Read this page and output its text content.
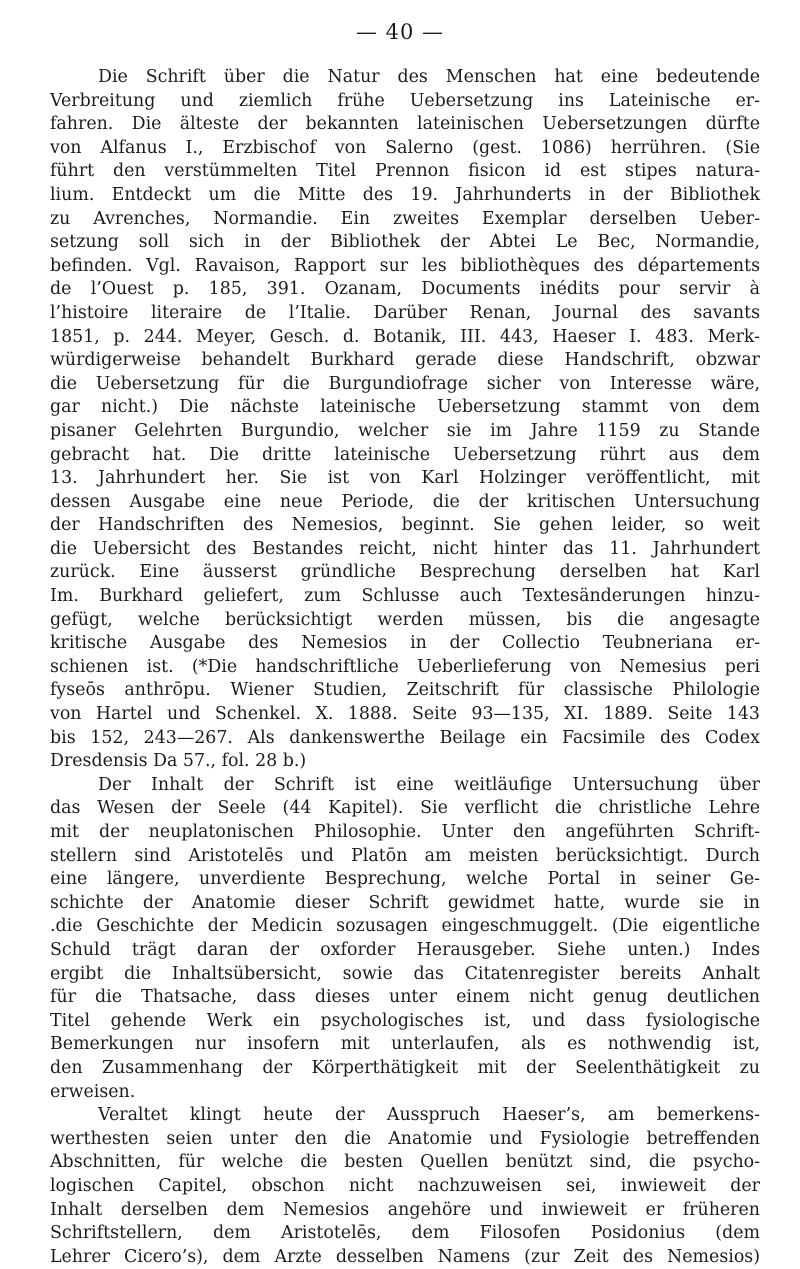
— 40 —
Die Schrift über die Natur des Menschen hat eine bedeutende
Verbreitung und ziemlich frühe Uebersetzung ins Lateinische er-
fahren. Die älteste der bekannten lateinischen Uebersetzungen dürfte
von Alfanus I., Erzbischof von Salerno (gest. 1086) herrühren. (Sie
führt den verstümmelten Titel Prennon fisicon id est stipes natura-
lium. Entdeckt um die Mitte des 19. Jahrhunderts in der Bibliothek
zu Avrenches, Normandie. Ein zweites Exemplar derselben Ueber-
setzung soll sich in der Bibliothek der Abtei Le Bec, Normandie,
befinden. Vgl. Ravaison, Rapport sur les bibliothèques des départements
de l’Ouest p. 185, 391. Ozanam, Documents inédits pour servir à
l’histoire literaire de l’Italie. Darüber Renan, Journal des savants
1851, p. 244. Meyer, Gesch. d. Botanik, III. 443, Haeser I. 483. Merk-
würdigerweise behandelt Burkhard gerade diese Handschrift, obzwar
die Uebersetzung für die Burgundiofrage sicher von Interesse wäre,
gar nicht.) Die nächste lateinische Uebersetzung stammt von dem
pisaner Gelehrten Burgundio, welcher sie im Jahre 1159 zu Stande
gebracht hat. Die dritte lateinische Uebersetzung rührt aus dem
13. Jahrhundert her. Sie ist von Karl Holzinger veröffentlicht, mit
dessen Ausgabe eine neue Periode, die der kritischen Untersuchung
der Handschriften des Nemesios, beginnt. Sie gehen leider, so weit
die Uebersicht des Bestandes reicht, nicht hinter das 11. Jahrhundert
zurück. Eine äusserst gründliche Besprechung derselben hat Karl
Im. Burkhard geliefert, zum Schlusse auch Textesänderungen hinzu-
gefügt, welche berücksichtigt werden müssen, bis die angesagte
kritische Ausgabe des Nemesios in der Collectio Teubneriana er-
schienen ist. (*Die handschriftliche Ueberlieferung von Nemesius peri
fyseōs anthrōpu. Wiener Studien, Zeitschrift für classische Philologie
von Hartel und Schenkel. X. 1888. Seite 93—135, XI. 1889. Seite 143
bis 152, 243—267. Als dankenswerthe Beilage ein Facsimile des Codex
Dresdensis Da 57., fol. 28 b.)
Der Inhalt der Schrift ist eine weitläufige Untersuchung über
das Wesen der Seele (44 Kapitel). Sie verflicht die christliche Lehre
mit der neuplatonischen Philosophie. Unter den angeführten Schrift-
stellern sind Aristotelēs und Platōn am meisten berücksichtigt. Durch
eine längere, unverdiente Besprechung, welche Portal in seiner Ge-
schichte der Anatomie dieser Schrift gewidmet hatte, wurde sie in
.die Geschichte der Medicin sozusagen eingeschmuggelt. (Die eigentliche
Schuld trägt daran der oxforder Herausgeber. Siehe unten.) Indes
ergibt die Inhaltsübersicht, sowie das Citatenregister bereits Anhalt
für die Thatsache, dass dieses unter einem nicht genug deutlichen
Titel gehende Werk ein psychologisches ist, und dass fysiologische
Bemerkungen nur insofern mit unterlaufen, als es nothwendig ist,
den Zusammenhang der Körperthätigkeit mit der Seelenthätigkeit zu
erweisen.
Veraltet klingt heute der Ausspruch Haeser’s, am bemerkens-
werthesten seien unter den die Anatomie und Fysiologie betreffenden
Abschnitten, für welche die besten Quellen benützt sind, die psycho-
logischen Capitel, obschon nicht nachzuweisen sei, inwieweit der
Inhalt derselben dem Nemesios angehöre und inwieweit er früheren
Schriftstellern, dem Aristotelēs, dem Filosofen Posidonius (dem
Lehrer Cicero’s), dem Arzte desselben Namens (zur Zeit des Nemesios)
